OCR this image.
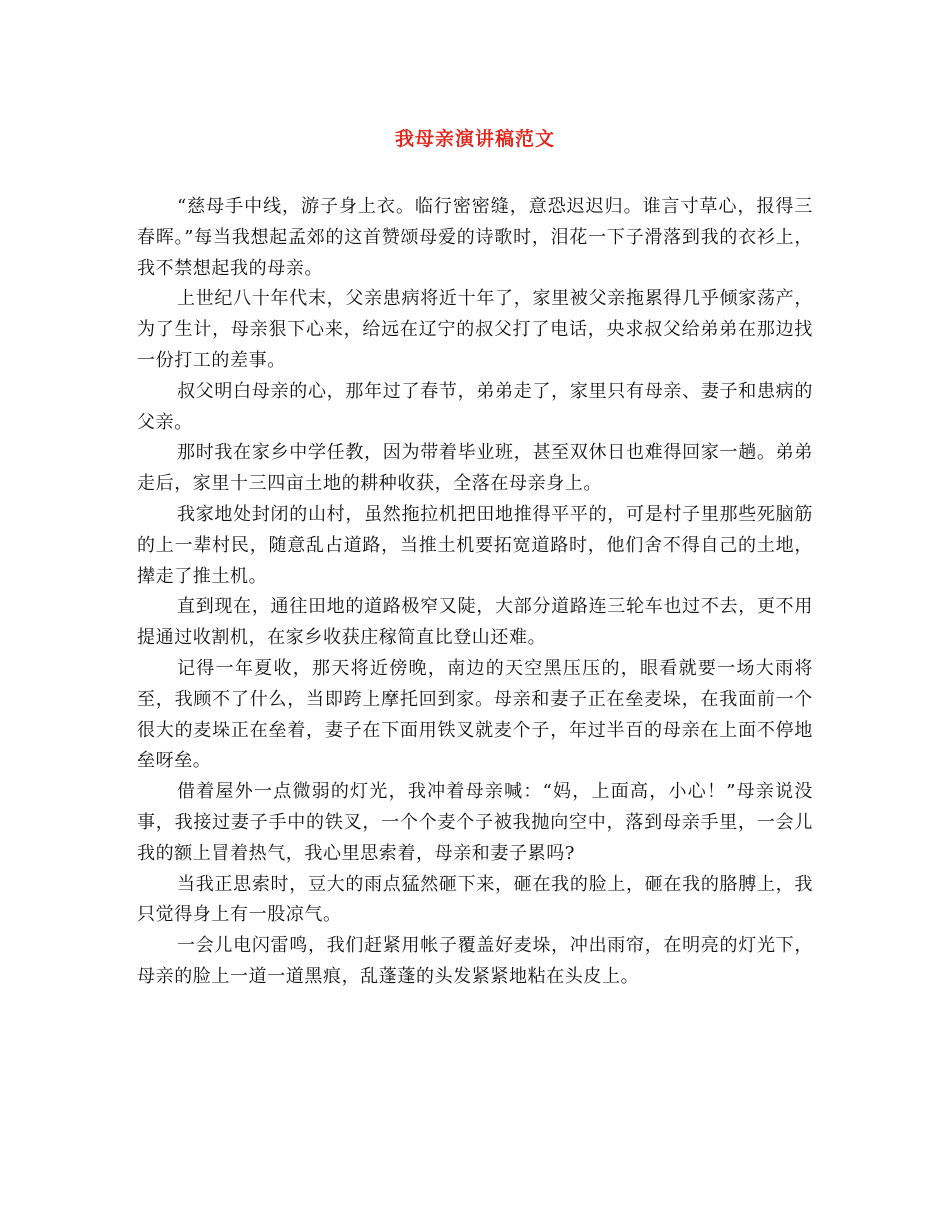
我母亲演讲稿范文

“慈母手中线，游子身上衣。临行密密缝，意恐迟迟归。谁言寸草心，报得三春晖。”每当我想起孟郊的这首赞颂母爱的诗歌时，泪花一下子滑落到我的衣衫上，我不禁想起我的母亲。

上世纪八十年代末，父亲患病将近十年了，家里被父亲拖累得几乎倾家荡产，为了生计，母亲狠下心来，给远在辽宁的叔父打了电话，央求叔父给弟弟在那边找一份打工的差事。

叔父明白母亲的心，那年过了春节，弟弟走了，家里只有母亲、妻子和患病的父亲。

那时我在家乡中学任教，因为带着毕业班，甚至双休日也难得回家一趟。弟弟走后，家里十三四亩土地的耕种收获，全落在母亲身上。

我家地处封闭的山村，虽然拖拉机把田地推得平平的，可是村子里那些死脑筋的上一辈村民，随意乱占道路，当推土机要拓宽道路时，他们舍不得自己的土地，撵走了推土机。

直到现在，通往田地的道路极窄又陡，大部分道路连三轮车也过不去，更不用提通过收割机，在家乡收获庄稼简直比登山还难。

记得一年夏收，那天将近傍晚，南边的天空黑压压的，眼看就要一场大雨将至，我顾不了什么，当即跨上摩托回到家。母亲和妻子正在垒麦垛，在我面前一个很大的麦垛正在垒着，妻子在下面用铁叉就麦个子，年过半百的母亲在上面不停地垒呀垒。

借着屋外一点微弱的灯光，我冲着母亲喊：“妈，上面高，小心！”母亲说没事，我接过妻子手中的铁叉，一个个麦个子被我抛向空中，落到母亲手里，一会儿我的额上冒着热气，我心里思索着，母亲和妻子累吗?

当我正思索时，豆大的雨点猛然砸下来，砸在我的脸上，砸在我的胳膊上，我只觉得身上有一股凉气。

一会儿电闪雷鸣，我们赶紧用帐子覆盖好麦垛，冲出雨帘，在明亮的灯光下，母亲的脸上一道一道黑痕，乱蓬蓬的头发紧紧地粘在头皮上。
